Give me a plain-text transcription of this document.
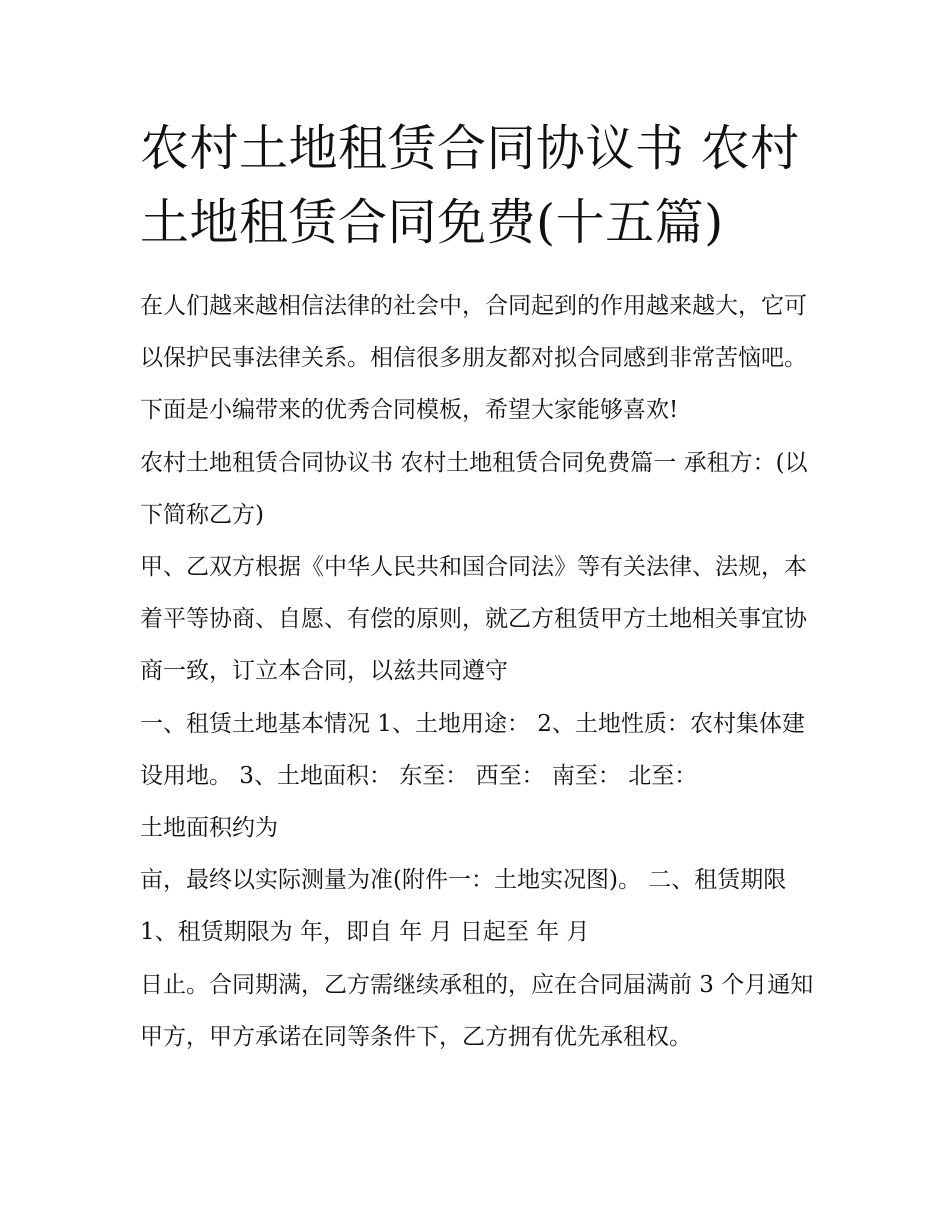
农村土地租赁合同协议书 农村土地租赁合同免费(十五篇)

在人们越来越相信法律的社会中，合同起到的作用越来越大，它可以保护民事法律关系。相信很多朋友都对拟合同感到非常苦恼吧。下面是小编带来的优秀合同模板，希望大家能够喜欢!

农村土地租赁合同协议书 农村土地租赁合同免费篇一 承租方：(以下简称乙方)

甲、乙双方根据《中华人民共和国合同法》等有关法律、法规，本着平等协商、自愿、有偿的原则，就乙方租赁甲方土地相关事宜协商一致，订立本合同，以兹共同遵守

一、租赁土地基本情况 1、土地用途： 2、土地性质：农村集体建设用地。 3、土地面积： 东至： 西至： 南至： 北至：

土地面积约为

亩，最终以实际测量为准(附件一：土地实况图)。 二、租赁期限 1、租赁期限为 年，即自 年 月 日起至 年 月

日止。合同期满，乙方需继续承租的，应在合同届满前 3 个月通知甲方，甲方承诺在同等条件下，乙方拥有优先承租权。
